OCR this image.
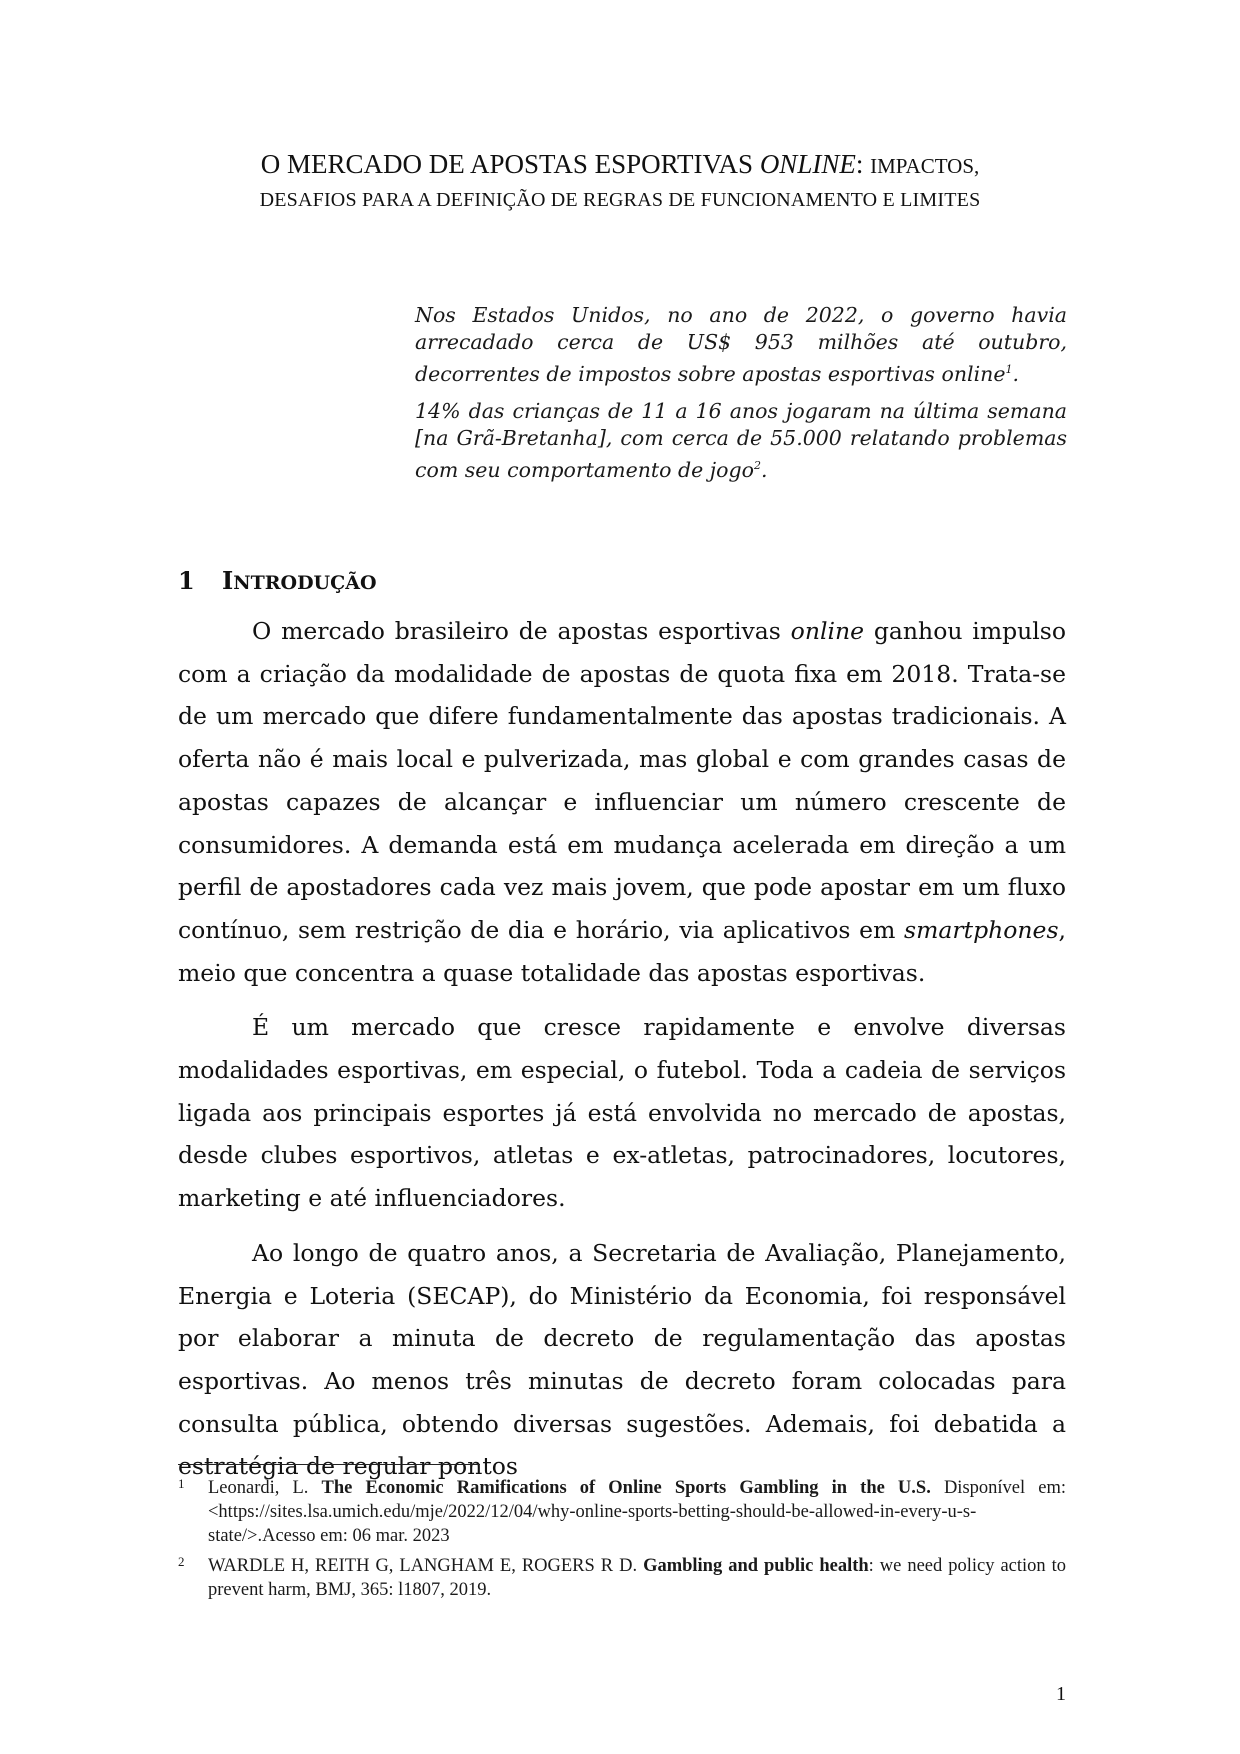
O MERCADO DE APOSTAS ESPORTIVAS ONLINE: IMPACTOS,
DESAFIOS PARA A DEFINIÇÃO DE REGRAS DE FUNCIONAMENTO E LIMITES

Nos Estados Unidos, no ano de 2022, o governo havia arrecadado cerca de US$ 953 milhões até outubro, decorrentes de impostos sobre apostas esportivas online$^1$.

14% das crianças de 11 a 16 anos jogaram na última semana [na Grã-Bretanha], com cerca de 55.000 relatando problemas com seu comportamento de jogo$^2$.

1 INTRODUÇÃO

O mercado brasileiro de apostas esportivas online ganhou impulso com a criação da modalidade de apostas de quota fixa em 2018. Trata-se de um mercado que difere fundamentalmente das apostas tradicionais. A oferta não é mais local e pulverizada, mas global e com grandes casas de apostas capazes de alcançar e influenciar um número crescente de consumidores. A demanda está em mudança acelerada em direção a um perfil de apostadores cada vez mais jovem, que pode apostar em um fluxo contínuo, sem restrição de dia e horário, via aplicativos em smartphones, meio que concentra a quase totalidade das apostas esportivas.

É um mercado que cresce rapidamente e envolve diversas modalidades esportivas, em especial, o futebol. Toda a cadeia de serviços ligada aos principais esportes já está envolvida no mercado de apostas, desde clubes esportivos, atletas e ex-atletas, patrocinadores, locutores, marketing e até influenciadores.

Ao longo de quatro anos, a Secretaria de Avaliação, Planejamento, Energia e Loteria (SECAP), do Ministério da Economia, foi responsável por elaborar a minuta de decreto de regulamentação das apostas esportivas. Ao menos três minutas de decreto foram colocadas para consulta pública, obtendo diversas sugestões. Ademais, foi debatida a estratégia de regular pontos

1 Leonardi, L. The Economic Ramifications of Online Sports Gambling in the U.S. Disponível em: <https://sites.lsa.umich.edu/mje/2022/12/04/why-online-sports-betting-should-be-allowed-in-every-u-s-state/>.Acesso em: 06 mar. 2023
2 WARDLE H, REITH G, LANGHAM E, ROGERS R D. Gambling and public health: we need policy action to prevent harm, BMJ, 365: l1807, 2019.
1
